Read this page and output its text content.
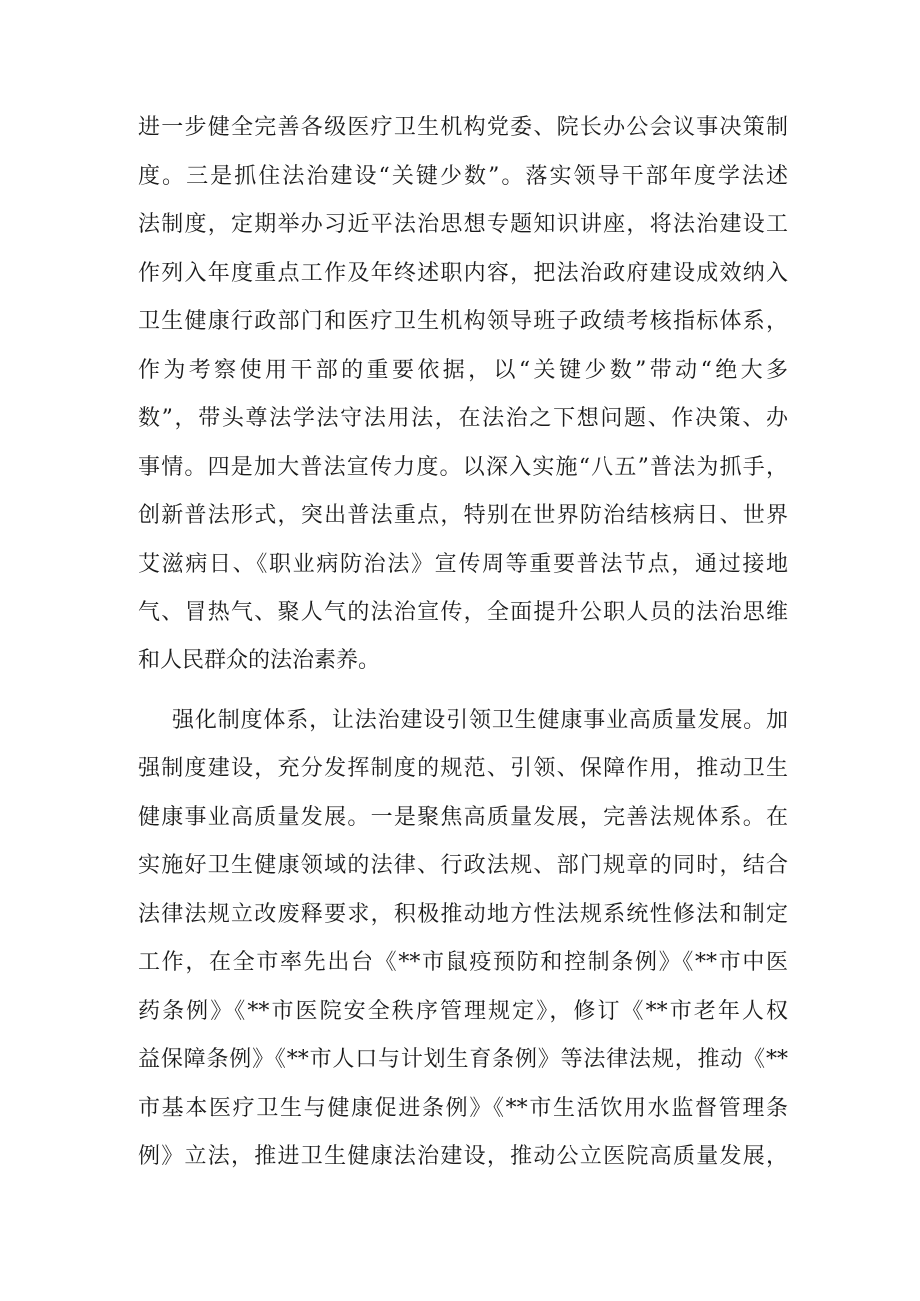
进一步健全完善各级医疗卫生机构党委、院长办公会议事决策制
度。三是抓住法治建设“关键少数”。落实领导干部年度学法述
法制度，定期举办习近平法治思想专题知识讲座，将法治建设工
作列入年度重点工作及年终述职内容，把法治政府建设成效纳入
卫生健康行政部门和医疗卫生机构领导班子政绩考核指标体系，
作为考察使用干部的重要依据，以“关键少数”带动“绝大多
数”，带头尊法学法守法用法，在法治之下想问题、作决策、办
事情。四是加大普法宣传力度。以深入实施“八五”普法为抓手，
创新普法形式，突出普法重点，特别在世界防治结核病日、世界
艾滋病日、《职业病防治法》宣传周等重要普法节点，通过接地
气、冒热气、聚人气的法治宣传，全面提升公职人员的法治思维
和人民群众的法治素养。
强化制度体系，让法治建设引领卫生健康事业高质量发展。加
强制度建设，充分发挥制度的规范、引领、保障作用，推动卫生
健康事业高质量发展。一是聚焦高质量发展，完善法规体系。在
实施好卫生健康领域的法律、行政法规、部门规章的同时，结合
法律法规立改废释要求，积极推动地方性法规系统性修法和制定
工作，在全市率先出台《**市鼠疫预防和控制条例》《**市中医
药条例》《**市医院安全秩序管理规定》，修订《**市老年人权
益保障条例》《**市人口与计划生育条例》等法律法规，推动《**
市基本医疗卫生与健康促进条例》《**市生活饮用水监督管理条
例》立法，推进卫生健康法治建设，推动公立医院高质量发展，
